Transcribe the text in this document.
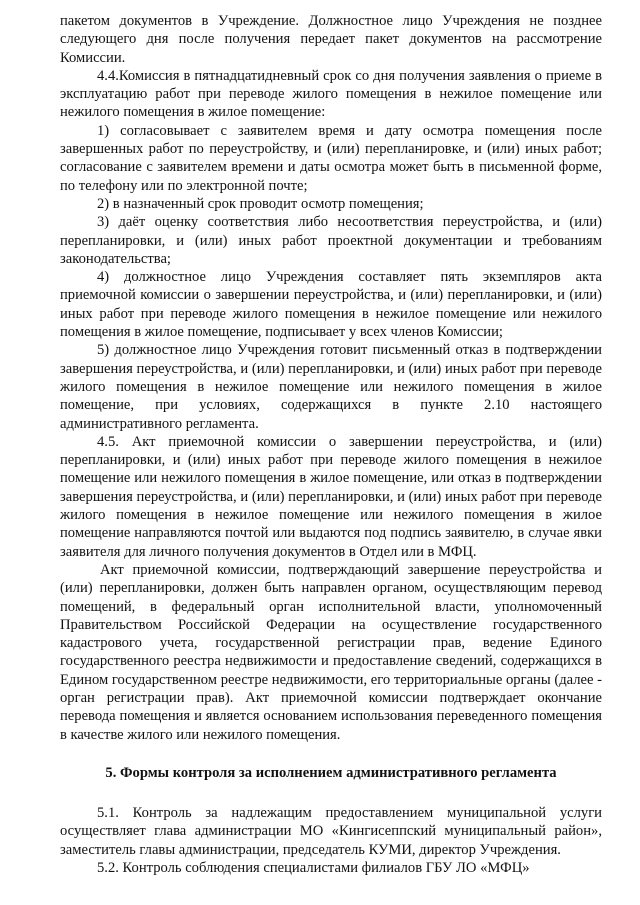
пакетом документов в Учреждение. Должностное лицо Учреждения не позднее следующего дня после получения передает пакет документов на рассмотрение Комиссии.

4.4.Комиссия в пятнадцатидневный срок со дня получения заявления о приеме в эксплуатацию работ при переводе жилого помещения в нежилое помещение или нежилого помещения в жилое помещение:

1) согласовывает с заявителем время и дату осмотра помещения после завершенных работ по переустройству, и (или) перепланировке, и (или) иных работ; согласование с заявителем времени и даты осмотра может быть в письменной форме, по телефону или по электронной почте;

2) в назначенный срок проводит осмотр помещения;

3) даёт оценку соответствия либо несоответствия переустройства, и (или) перепланировки, и (или) иных работ проектной документации и требованиям законодательства;

4) должностное лицо Учреждения составляет пять экземпляров акта приемочной комиссии о завершении переустройства, и (или) перепланировки, и (или) иных работ при переводе жилого помещения в нежилое помещение или нежилого помещения в жилое помещение, подписывает у всех членов Комиссии;

5) должностное лицо Учреждения готовит письменный отказ в подтверждении завершения переустройства, и (или) перепланировки, и (или) иных работ при переводе жилого помещения в нежилое помещение или нежилого помещения в жилое помещение, при условиях, содержащихся в пункте 2.10 настоящего административного регламента.

4.5. Акт приемочной комиссии о завершении переустройства, и (или) перепланировки, и (или) иных работ при переводе жилого помещения в нежилое помещение или нежилого помещения в жилое помещение, или отказ в подтверждении завершения переустройства, и (или) перепланировки, и (или) иных работ при переводе жилого помещения в нежилое помещение или нежилого помещения в жилое помещение направляются почтой или выдаются под подпись заявителю, в случае явки заявителя для личного получения документов в Отдел или в МФЦ.

Акт приемочной комиссии, подтверждающий завершение переустройства и (или) перепланировки, должен быть направлен органом, осуществляющим перевод помещений, в федеральный орган исполнительной власти, уполномоченный Правительством Российской Федерации на осуществление государственного кадастрового учета, государственной регистрации прав, ведение Единого государственного реестра недвижимости и предоставление сведений, содержащихся в Едином государственном реестре недвижимости, его территориальные органы (далее - орган регистрации прав). Акт приемочной комиссии подтверждает окончание перевода помещения и является основанием использования переведенного помещения в качестве жилого или нежилого помещения.

5. Формы контроля за исполнением административного регламента

5.1. Контроль за надлежащим предоставлением муниципальной услуги осуществляет глава администрации МО «Кингисеппский муниципальный район», заместитель главы администрации, председатель КУМИ, директор Учреждения.

5.2. Контроль соблюдения специалистами филиалов ГБУ ЛО «МФЦ»
